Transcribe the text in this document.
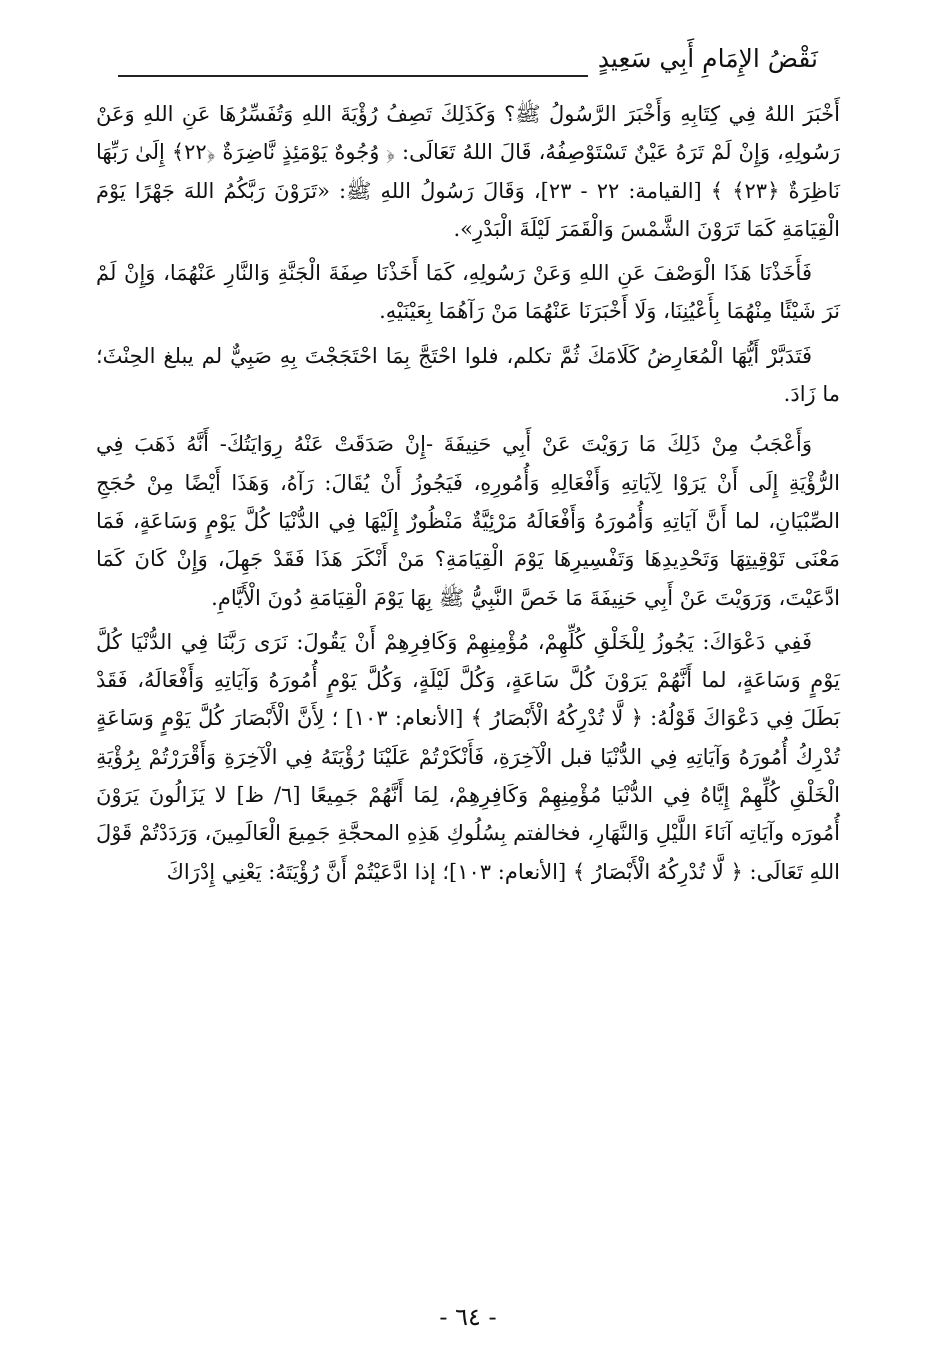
نَقْضُ الإِمَامِ أَبِي سَعِيدٍ

أَخْبَرَ اللهُ فِي كِتَابِهِ وَأَخْبَرَ الرَّسُولُ ﷺ؟ وَكَذَلِكَ تَصِفُ رُؤْيَةَ اللهِ وَتُفَسِّرُهَا عَنِ اللهِ وَعَنْ رَسُولِهِ، وَإِنْ لَمْ تَرَهُ عَيْنٌ تَسْتَوْصِفُهُ، قَالَ اللهُ تَعَالَى: ﴿ وُجُوهٌ يَوْمَئِذٍ نَّاضِرَةٌ ﴿٢٢﴾ إِلَىٰ رَبِّهَا نَاظِرَةٌ ﴿٢٣﴾ ﴾ [القيامة: ٢٢ - ٢٣]، وَقَالَ رَسُولُ اللهِ ﷺ: «تَرَوْنَ رَبَّكُمُ اللهَ جَهْرًا يَوْمَ الْقِيَامَةِ كَمَا تَرَوْنَ الشَّمْسَ وَالْقَمَرَ لَيْلَةَ الْبَدْرِ».

فَأَخَذْنَا هَذَا الْوَصْفَ عَنِ اللهِ وَعَنْ رَسُولِهِ، كَمَا أَخَذْنَا صِفَةَ الْجَنَّةِ وَالنَّارِ عَنْهُمَا، وَإِنْ لَمْ نَرَ شَيْئًا مِنْهُمَا بِأَعْيُنِنَا، وَلَا أَخْبَرَنَا عَنْهُمَا مَنْ رَآهُمَا بِعَيْنَيْهِ.

فَتَدَبَّرْ أَيُّهَا الْمُعَارِضُ كَلَامَكَ ثُمَّ تكلم، فلوا احْتَجَّ بِمَا احْتَجَجْتَ بِهِ صَبِيٌّ لم يبلغ الحِنْثَ؛ ما زَادَ.

وَأَعْجَبُ مِنْ ذَلِكَ مَا رَوَيْتَ عَنْ أَبِي حَنِيفَةَ -إِنْ صَدَقَتْ عَنْهُ رِوَايَتُكَ- أَنَّهُ ذَهَبَ فِي الرُّؤْيَةِ إِلَى أَنْ يَرَوْا لِآيَاتِهِ وَأَفْعَالِهِ وَأُمُورِهِ، فَيَجُوزُ أَنْ يُقَالَ: رَآهُ، وَهَذَا أَيْضًا مِنْ حُجَجِ الصِّبْيَانِ، لما أَنَّ آيَاتِهِ وَأُمُورَهُ وَأَفْعَالَهُ مَرْئِيَّةٌ مَنْظُورٌ إِلَيْهَا فِي الدُّنْيَا كُلَّ يَوْمٍ وَسَاعَةٍ، فَمَا مَعْنَى تَوْقِيتِهَا وَتَحْدِيدِهَا وَتَفْسِيرِهَا يَوْمَ الْقِيَامَةِ؟ مَنْ أَنْكَرَ هَذَا فَقَدْ جَهِلَ، وَإِنْ كَانَ كَمَا ادَّعَيْتَ، وَرَوَيْتَ عَنْ أَبِي حَنِيفَةَ مَا خَصَّ النَّبِيُّ ﷺ بِهَا يَوْمَ الْقِيَامَةِ دُونَ الْأَيَّامِ.

فَفِي دَعْوَاكَ: يَجُوزُ لِلْخَلْقِ كُلِّهِمْ، مُؤْمِنِهِمْ وَكَافِرِهِمْ أَنْ يَقُولَ: نَرَى رَبَّنَا فِي الدُّنْيَا كُلَّ يَوْمٍ وَسَاعَةٍ، لما أَنَّهُمْ يَرَوْنَ كُلَّ سَاعَةٍ، وَكُلَّ لَيْلَةٍ، وَكُلَّ يَوْمٍ أُمُورَهُ وَآيَاتِهِ وَأَفْعَالَهُ، فَقَدْ بَطَلَ فِي دَعْوَاكَ قَوْلُهُ: ﴿ لَّا تُدْرِكُهُ الْأَبْصَارُ ﴾ [الأنعام: ١٠٣] ؛ لِأَنَّ الْأَبْصَارَ كُلَّ يَوْمٍ وَسَاعَةٍ تُدْرِكُ أُمُورَهُ وَآيَاتِهِ فِي الدُّنْيَا قبل الْآخِرَةِ، فَأَنْكَرْتُمْ عَلَيْنَا رُؤْيَتَهُ فِي الْآخِرَةِ وَأَقْرَرْتُمْ بِرُؤْيَةِ الْخَلْقِ كُلِّهِمْ إِيَّاهُ فِي الدُّنْيَا مُؤْمِنِهِمْ وَكَافِرِهِمْ، لِمَا أَنَّهُمْ جَمِيعًا [٦/ ظ] لا يَزَالُونَ يَرَوْنَ أُمُورَه وآيَاتِه آنَاءَ اللَّيْلِ وَالنَّهَارِ، فخالفتم بِسُلُوكِ هَذِهِ المحجَّةِ جَمِيعَ الْعَالَمِينَ، وَرَدَدْتُمْ قَوْلَ اللهِ تَعَالَى: ﴿ لَّا تُدْرِكُهُ الْأَبْصَارُ ﴾ [الأنعام: ١٠٣]؛ إذا ادَّعَيْتُمْ أَنَّ رُؤْيَتَهُ: يَعْنِي إِدْرَاكَ

- ٦٤ -
